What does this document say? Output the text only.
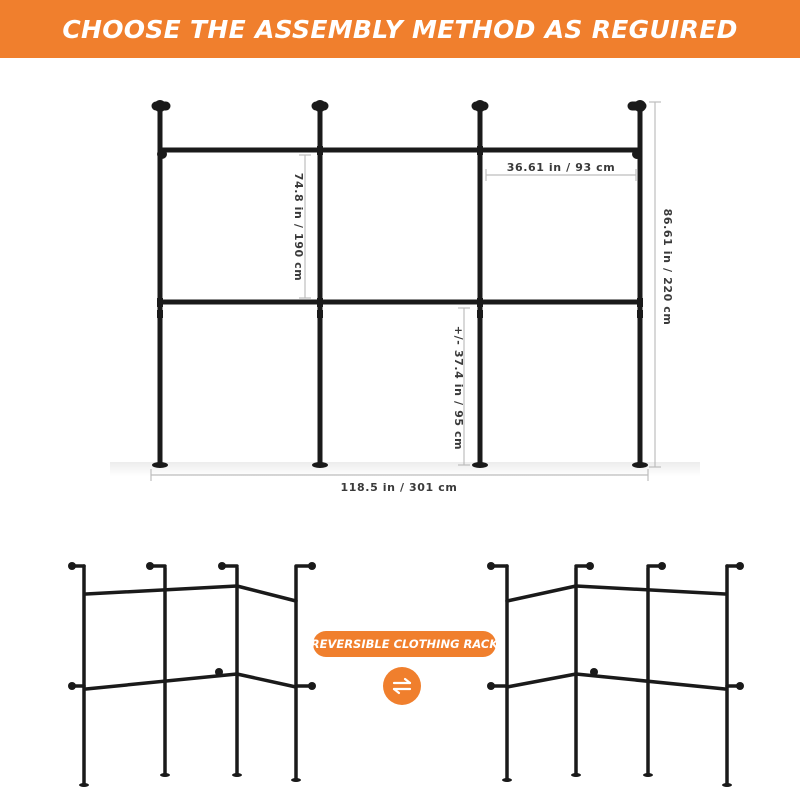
CHOOSE THE ASSEMBLY METHOD AS REGUIRED
36.61 in / 93 cm
74.8 in / 190 cm	86.61 in / 220 cm
+/- 37.4 in / 95 cm
118.5 in / 301 cm
REVERSIBLE CLOTHING RACK
